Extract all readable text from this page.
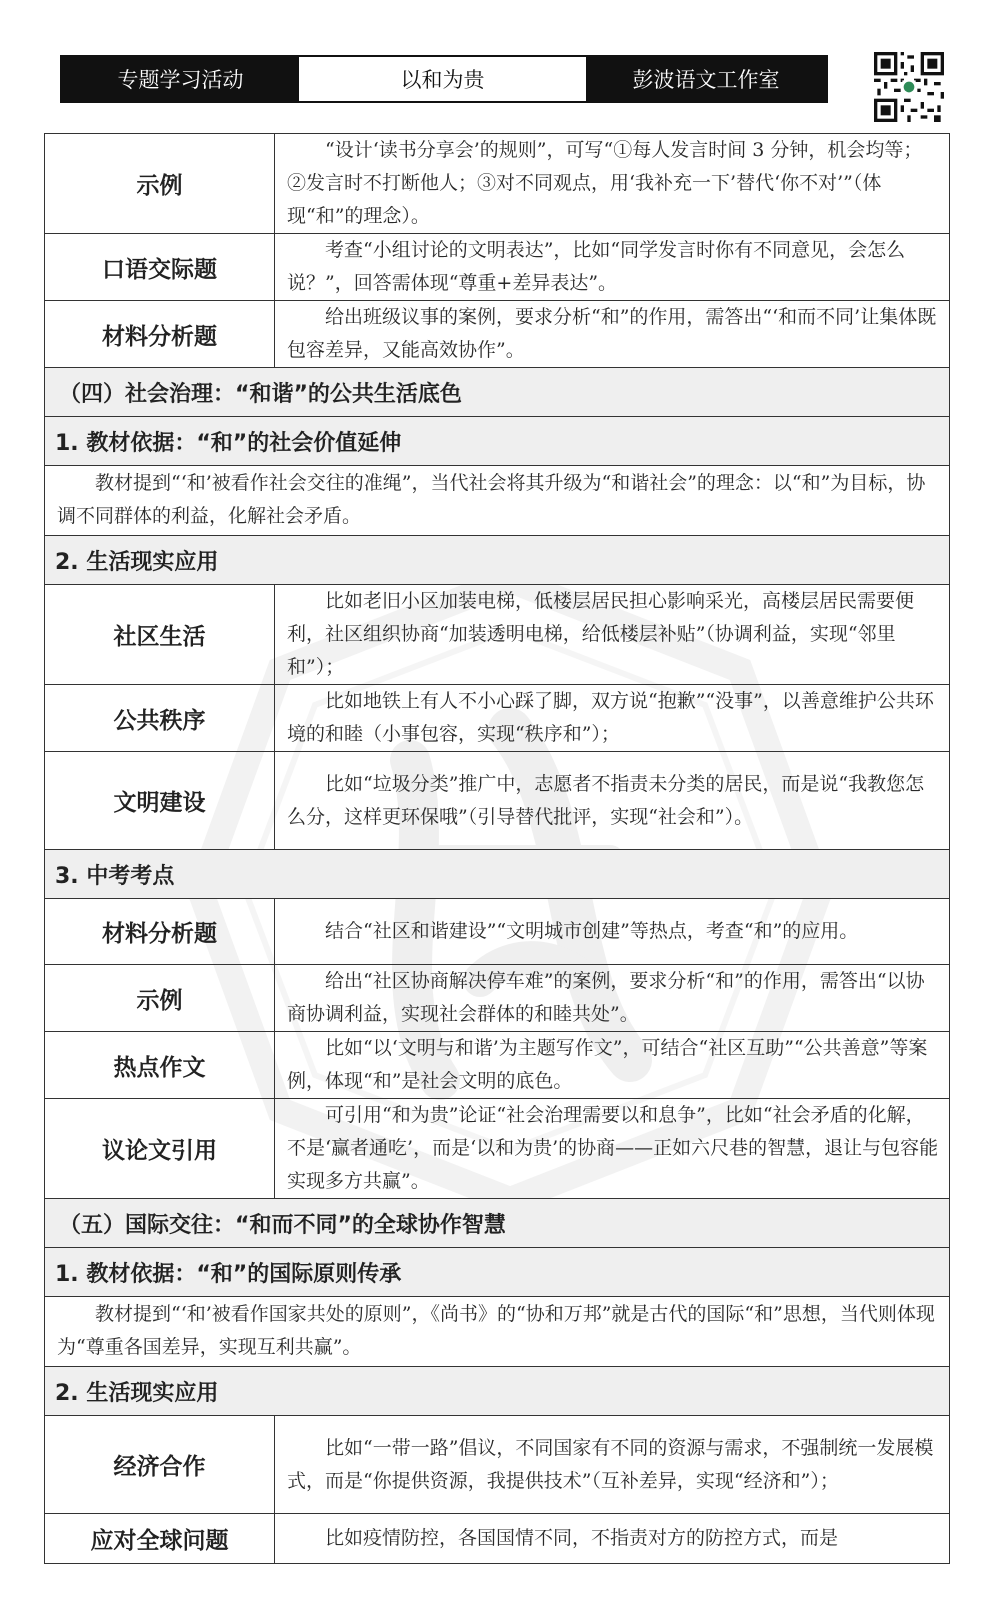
专题学习活动	以和为贵	彭波语文工作室
示例	“设计‘读书分享会’的规则”，可写“①每人发言时间 3 分钟，机会均等；②发言时不打断他人；③对不同观点，用‘我补充一下’替代‘你不对’”（体现“和”的理念）。
口语交际题	考查“小组讨论的文明表达”，比如“同学发言时你有不同意见，会怎么说？”，回答需体现“尊重+差异表达”。
材料分析题	给出班级议事的案例，要求分析“和”的作用，需答出“‘和而不同’让集体既包容差异，又能高效协作”。
（四）社会治理：“和谐”的公共生活底色	
1. 教材依据：“和”的社会价值延伸	
教材提到“‘和’被看作社会交往的准绳”，当代社会将其升级为“和谐社会”的理念：以“和”为目标，协调不同群体的利益，化解社会矛盾。	
2. 生活现实应用	
社区生活	比如老旧小区加装电梯，低楼层居民担心影响采光，高楼层居民需要便利，社区组织协商“加装透明电梯，给低楼层补贴”（协调利益，实现“邻里和”）；
公共秩序	比如地铁上有人不小心踩了脚，双方说“抱歉”“没事”，以善意维护公共环境的和睦（小事包容，实现“秩序和”）；
文明建设	比如“垃圾分类”推广中，志愿者不指责未分类的居民，而是说“我教您怎么分，这样更环保哦”（引导替代批评，实现“社会和”）。
3. 中考考点	
材料分析题	结合“社区和谐建设”“文明城市创建”等热点，考查“和”的应用。
示例	给出“社区协商解决停车难”的案例，要求分析“和”的作用，需答出“以协商协调利益，实现社会群体的和睦共处”。
热点作文	比如“以‘文明与和谐’为主题写作文”，可结合“社区互助”“公共善意”等案例，体现“和”是社会文明的底色。
议论文引用	可引用“和为贵”论证“社会治理需要以和息争”，比如“社会矛盾的化解，不是‘赢者通吃’，而是‘以和为贵’的协商——正如六尺巷的智慧，退让与包容能实现多方共赢”。
（五）国际交往：“和而不同”的全球协作智慧	
1. 教材依据：“和”的国际原则传承	
教材提到“‘和’被看作国家共处的原则”，《尚书》的“协和万邦”就是古代的国际“和”思想，当代则体现为“尊重各国差异，实现互利共赢”。	
2. 生活现实应用	
经济合作	比如“一带一路”倡议，不同国家有不同的资源与需求，不强制统一发展模式，而是“你提供资源，我提供技术”（互补差异，实现“经济和”）；
应对全球问题	比如疫情防控，各国国情不同，不指责对方的防控方式，而是
